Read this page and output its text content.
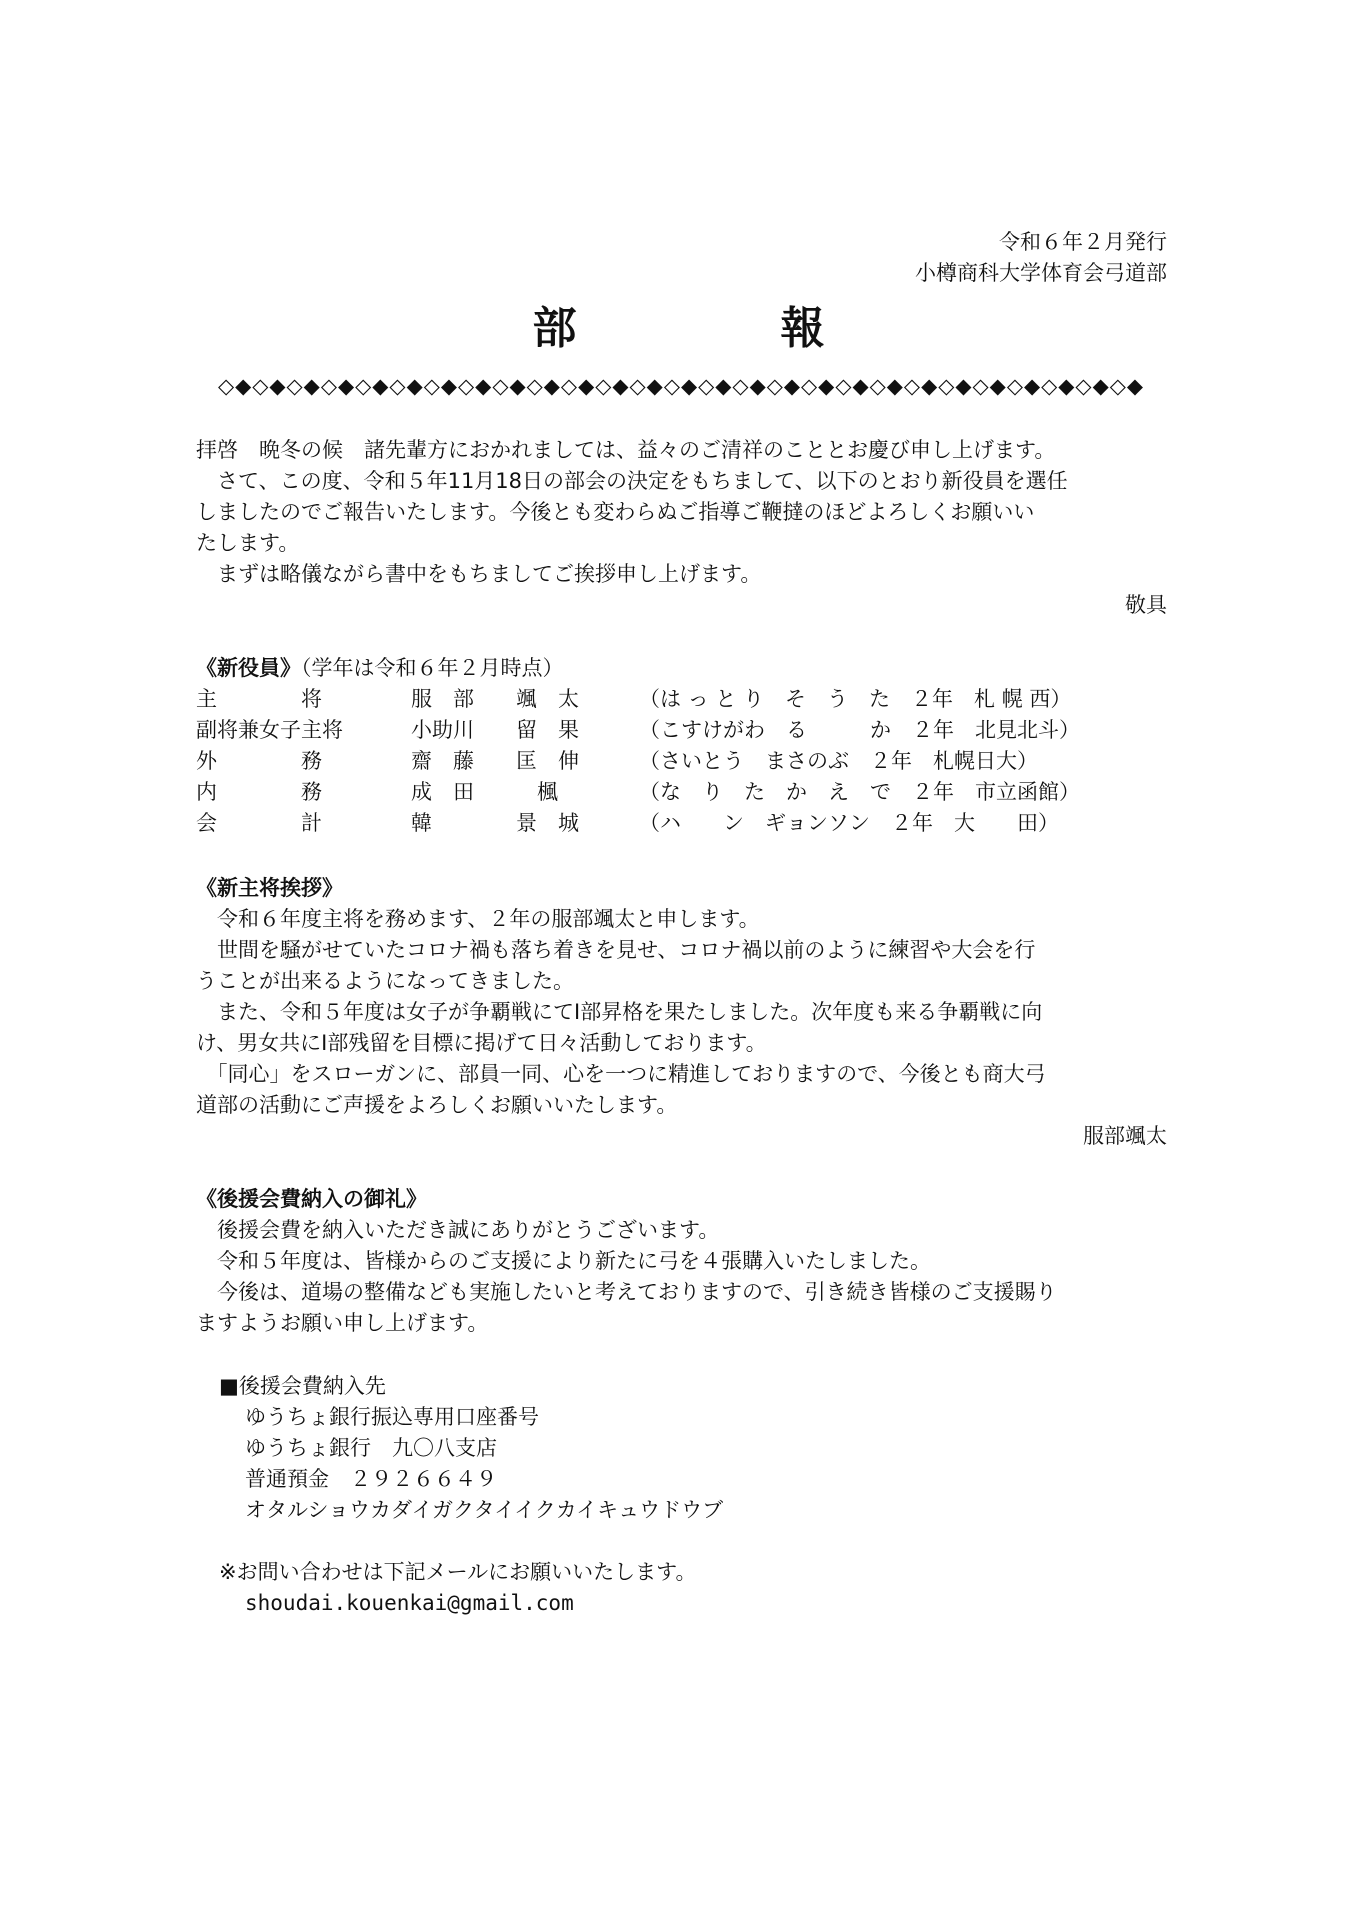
令和６年２月発行
小樽商科大学体育会弓道部
部　報
◇◆◇◆◇◆◇◆◇◆◇◆◇◆◇◆◇◆◇◆◇◆◇◆◇◆◇◆◇◆◇◆◇◆◇◆◇◆◇◆◇◆◇◆◇◆◇◆◇◆◇◆◇◆
拝啓　晩冬の候　諸先輩方におかれましては、益々のご清祥のこととお慶び申し上げます。
　さて、この度、令和５年11月18日の部会の決定をもちまして、以下のとおり新役員を選任
しましたのでご報告いたします。今後とも変わらぬご指導ご鞭撻のほどよろしくお願いい
たします。
　まずは略儀ながら書中をもちましてご挨拶申し上げます。
敬具
《新役員》（学年は令和６年２月時点）
主　　　　将	服　部　　颯　太	（は っ と り　そ　う　た　２年　札 幌 西）
副将兼女子主将	小助川　　留　果	（こすけがわ　る　　　か　２年　北見北斗）
外　　　　務	齋　藤　　匡　伸	（さいとう　まさのぶ　２年　札幌日大）
内　　　　務	成　田　　　楓	（な　り　た　か　え　で　２年　市立函館）
会　　　　計	韓　　　　景　城	（ハ　　ン　ギョンソン　２年　大　　田）
《新主将挨拶》
　令和６年度主将を務めます、２年の服部颯太と申します。
　世間を騒がせていたコロナ禍も落ち着きを見せ、コロナ禍以前のように練習や大会を行
うことが出来るようになってきました。
　また、令和５年度は女子が争覇戦にてⅠ部昇格を果たしました。次年度も来る争覇戦に向
け、男女共にⅠ部残留を目標に掲げて日々活動しております。
　「同心」をスローガンに、部員一同、心を一つに精進しておりますので、今後とも商大弓
道部の活動にご声援をよろしくお願いいたします。
服部颯太
《後援会費納入の御礼》
　後援会費を納入いただき誠にありがとうございます。
　令和５年度は、皆様からのご支援により新たに弓を４張購入いたしました。
　今後は、道場の整備なども実施したいと考えておりますので、引き続き皆様のご支援賜り
ますようお願い申し上げます。
■後援会費納入先
ゆうちょ銀行振込専用口座番号
ゆうちょ銀行　九〇八支店
普通預金　２９２６６４９
オタルショウカダイガクタイイクカイキュウドウブ
※お問い合わせは下記メールにお願いいたします。
shoudai.kouenkai@gmail.com
